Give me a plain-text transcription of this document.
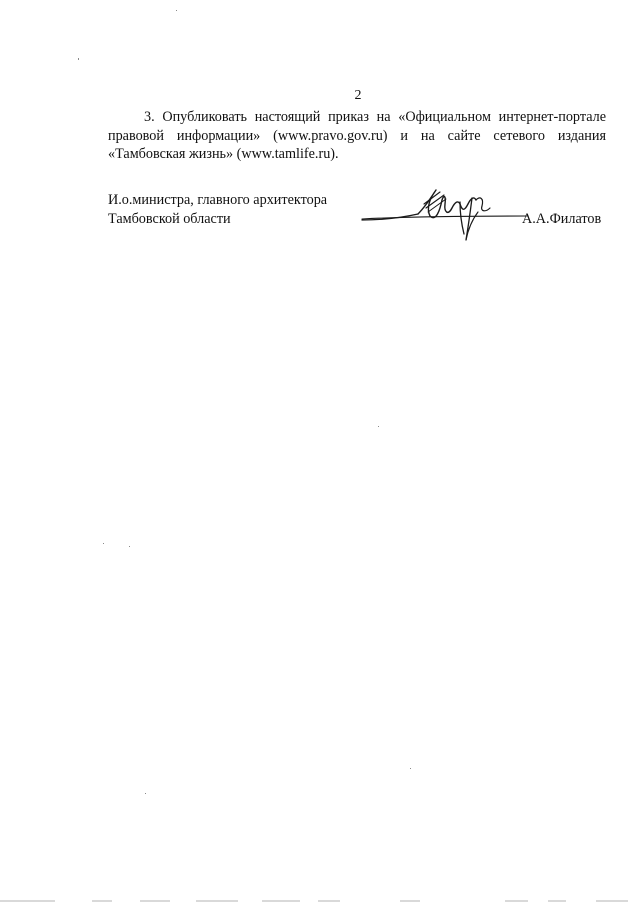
2
3. Опубликовать настоящий приказ на «Официальном интернет-портале
правовой информации» (www.pravo.gov.ru) и на сайте сетевого издания
«Тамбовская жизнь» (www.tamlife.ru).
И.о.министра, главного архитектора
Тамбовской области	А.А.Филатов
